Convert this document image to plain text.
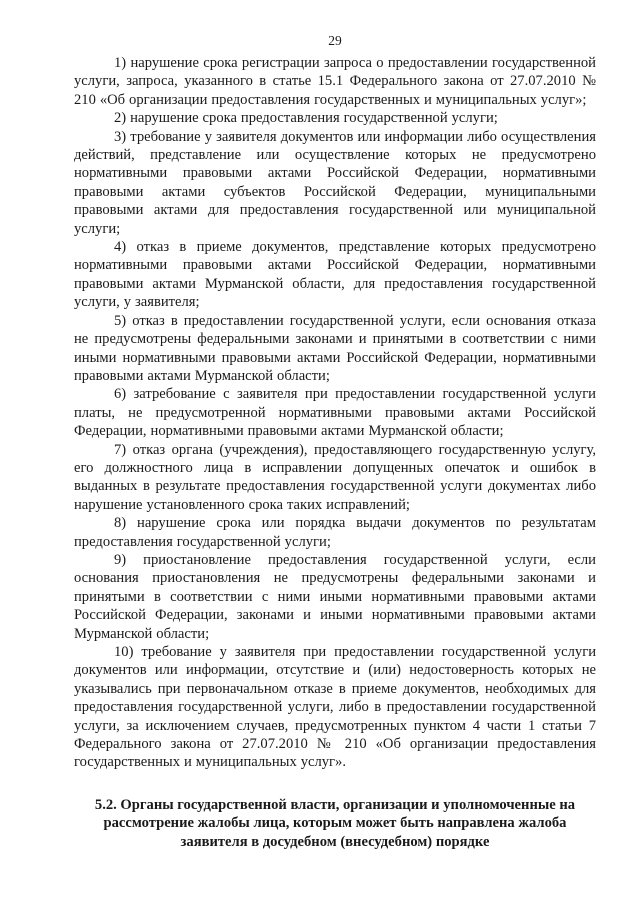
29

1) нарушение срока регистрации запроса о предоставлении государственной услуги, запроса, указанного в статье 15.1 Федерального закона от 27.07.2010 № 210 «Об организации предоставления государственных и муниципальных услуг»;

2) нарушение срока предоставления государственной услуги;

3) требование у заявителя документов или информации либо осуществления действий, представление или осуществление которых не предусмотрено нормативными правовыми актами Российской Федерации, нормативными правовыми актами субъектов Российской Федерации, муниципальными правовыми актами для предоставления государственной или муниципальной услуги;

4) отказ в приеме документов, представление которых предусмотрено нормативными правовыми актами Российской Федерации, нормативными правовыми актами Мурманской области, для предоставления государственной услуги, у заявителя;

5) отказ в предоставлении государственной услуги, если основания отказа не предусмотрены федеральными законами и принятыми в соответствии с ними иными нормативными правовыми актами Российской Федерации, нормативными правовыми актами Мурманской области;

6) затребование с заявителя при предоставлении государственной услуги платы, не предусмотренной нормативными правовыми актами Российской Федерации, нормативными правовыми актами Мурманской области;

7) отказ органа (учреждения), предоставляющего государственную услугу, его должностного лица в исправлении допущенных опечаток и ошибок в выданных в результате предоставления государственной услуги документах либо нарушение установленного срока таких исправлений;

8) нарушение срока или порядка выдачи документов по результатам предоставления государственной услуги;

9) приостановление предоставления государственной услуги, если основания приостановления не предусмотрены федеральными законами и принятыми в соответствии с ними иными нормативными правовыми актами Российской Федерации, законами и иными нормативными правовыми актами Мурманской области;

10) требование у заявителя при предоставлении государственной услуги документов или информации, отсутствие и (или) недостоверность которых не указывались при первоначальном отказе в приеме документов, необходимых для предоставления государственной услуги, либо в предоставлении государственной услуги, за исключением случаев, предусмотренных пунктом 4 части 1 статьи 7 Федерального закона от 27.07.2010 № 210 «Об организации предоставления государственных и муниципальных услуг».

5.2. Органы государственной власти, организации и уполномоченные на рассмотрение жалобы лица, которым может быть направлена жалоба заявителя в досудебном (внесудебном) порядке
